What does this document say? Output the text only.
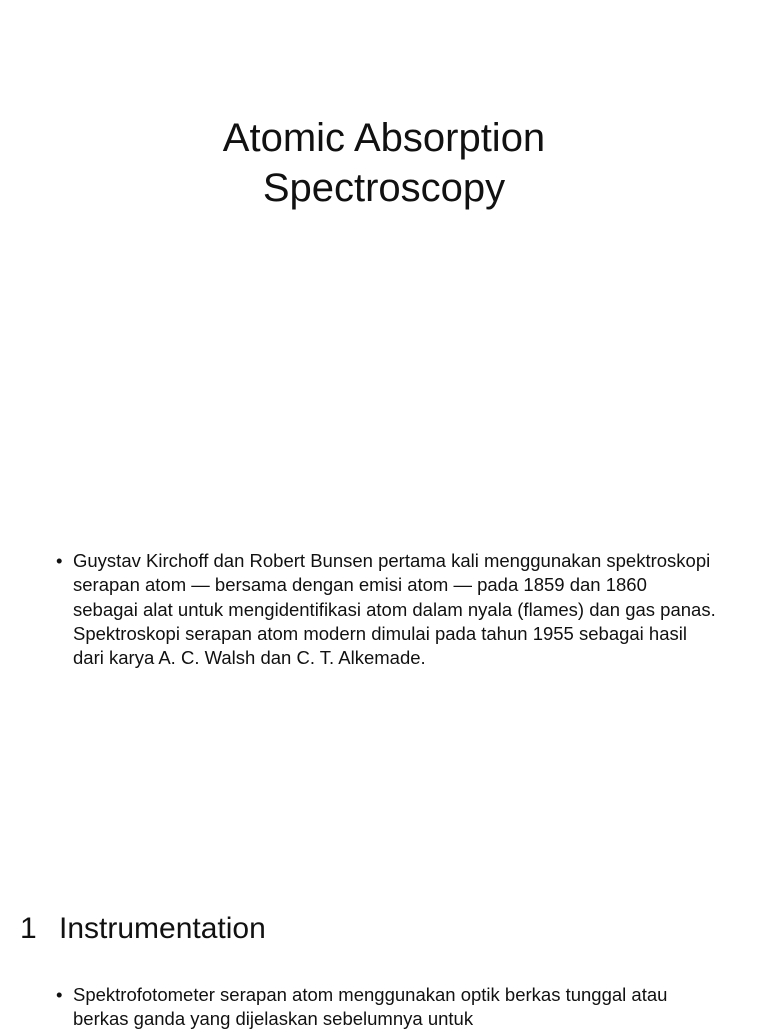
Atomic Absorption
Spectroscopy
• Guystav Kirchoff dan Robert Bunsen pertama kali menggunakan spektroskopi serapan atom — bersama dengan emisi atom — pada 1859 dan 1860 sebagai alat untuk mengidentifikasi atom dalam nyala (flames) dan gas panas. Spektroskopi serapan atom modern dimulai pada tahun 1955 sebagai hasil dari karya A. C. Walsh dan C. T. Alkemade.
1 Instrumentation
• Spektrofotometer serapan atom menggunakan optik berkas tunggal atau berkas ganda yang dijelaskan sebelumnya untuk
